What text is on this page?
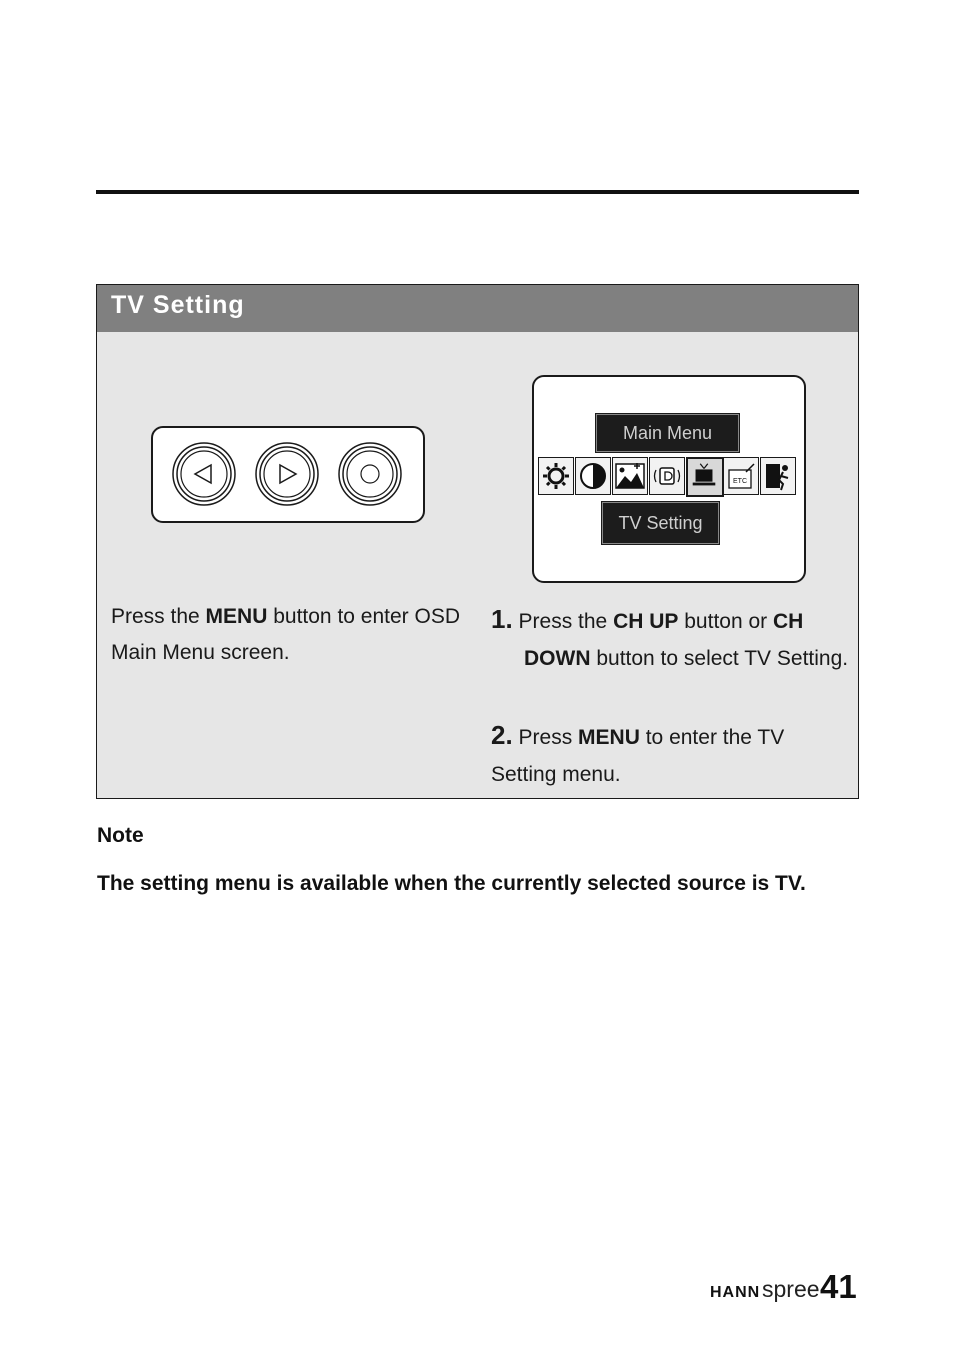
TV Setting
Main Menu
ETC
TV Setting
Press the MENU button to enter OSD Main Menu screen.
1. Press the CH UP button or CH
DOWN button to select TV Setting.
2. Press MENU to enter the TV Setting menu.
Note
The setting menu is available when the currently selected source is TV.
HANN spree 41
